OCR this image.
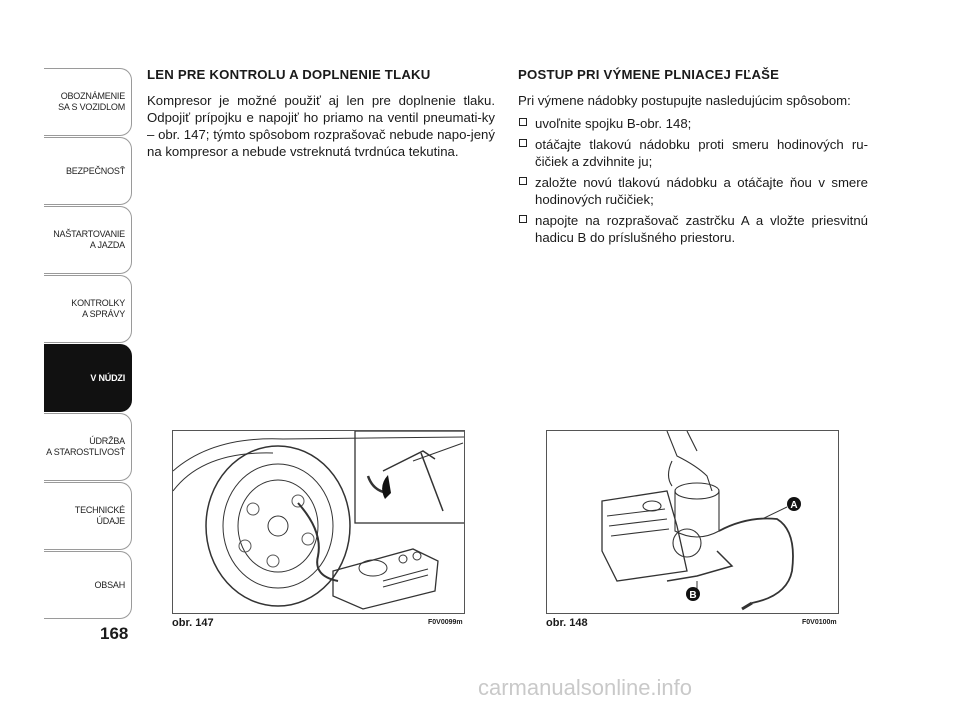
OBOZNÁMENIE
SA S VOZIDLOM
BEZPEČNOSŤ
NAŠTARTOVANIE
A JAZDA
KONTROLKY
A SPRÁVY
V NÚDZI
ÚDRŽBA
A STAROSTLIVOSŤ
TECHNICKÉ
ÚDAJE
OBSAH
168

LEN PRE KONTROLU A DOPLNENIE TLAKU

Kompresor je možné použiť aj len pre doplnenie tlaku. Odpojiť prípojku e napojiť ho priamo na ventil pneumati-ky – obr. 147; týmto spôsobom rozprašovač nebude napo-jený na kompresor a nebude vstreknutá tvrdnúca tekutina.

POSTUP PRI VÝMENE PLNIACEJ FĽAŠE

Pri výmene nádobky postupujte nasledujúcim spôsobom:

uvoľnite spojku B-obr. 148;
otáčajte tlakovú nádobku proti smeru hodinových ru-čičiek a zdvihnite ju;
založte novú tlakovú nádobku a otáčajte ňou v smere hodinových ručičiek;
napojte na rozprašovač zastrčku A a vložte priesvitnú hadicu B do príslušného priestoru.
obr. 147	F0V0099m
A
B
obr. 148	F0V0100m
carmanualsonline.info
